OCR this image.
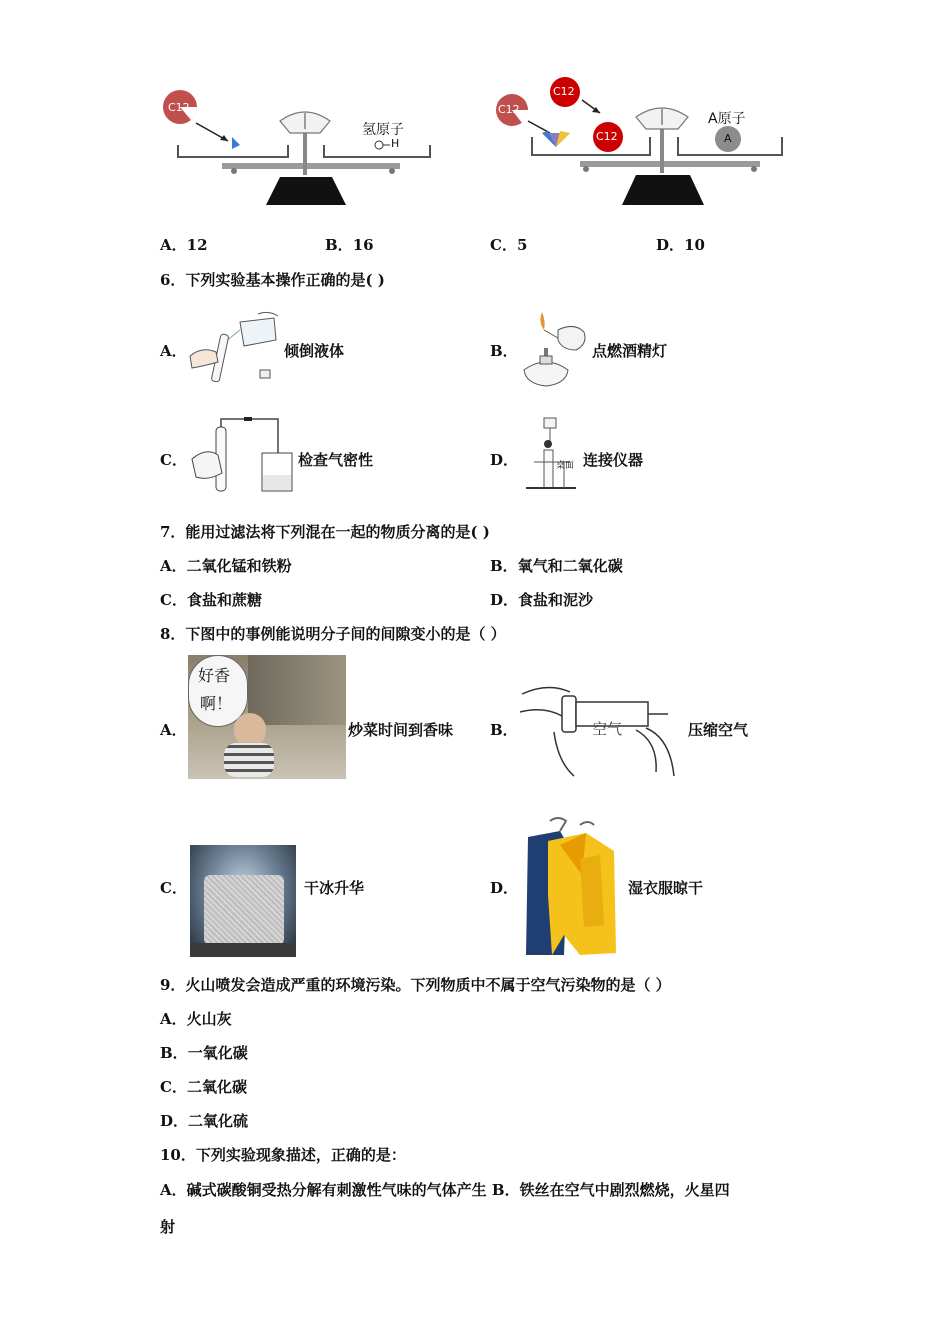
C12
氢原子
H
C12
C12
C12
A原子
A
A．12	B．16	C．5	D．10
6．下列实验基本操作正确的是( )
A．	倾倒液体	B．	点燃酒精灯
C．	检查气密性	D．	桌面 连接仪器
7．能用过滤法将下列混在一起的物质分离的是( )
A．二氧化锰和铁粉	B．氧气和二氧化碳
C．食盐和蔗糖	D．食盐和泥沙
8．下图中的事例能说明分子间的间隙变小的是（ ）
A．
好香
啊！
炒菜时间到香味 B．	空气	压缩空气
C．	干冰升华	D．	湿衣服晾干
9．火山喷发会造成严重的环境污染。下列物质中不属于空气污染物的是（ ）
A．火山灰
B．一氧化碳
C．二氧化碳
D．二氧化硫
10．下列实验现象描述，正确的是：
A．碱式碳酸铜受热分解有刺激性气味的气体产生 B．铁丝在空气中剧烈燃烧，火星四
射
